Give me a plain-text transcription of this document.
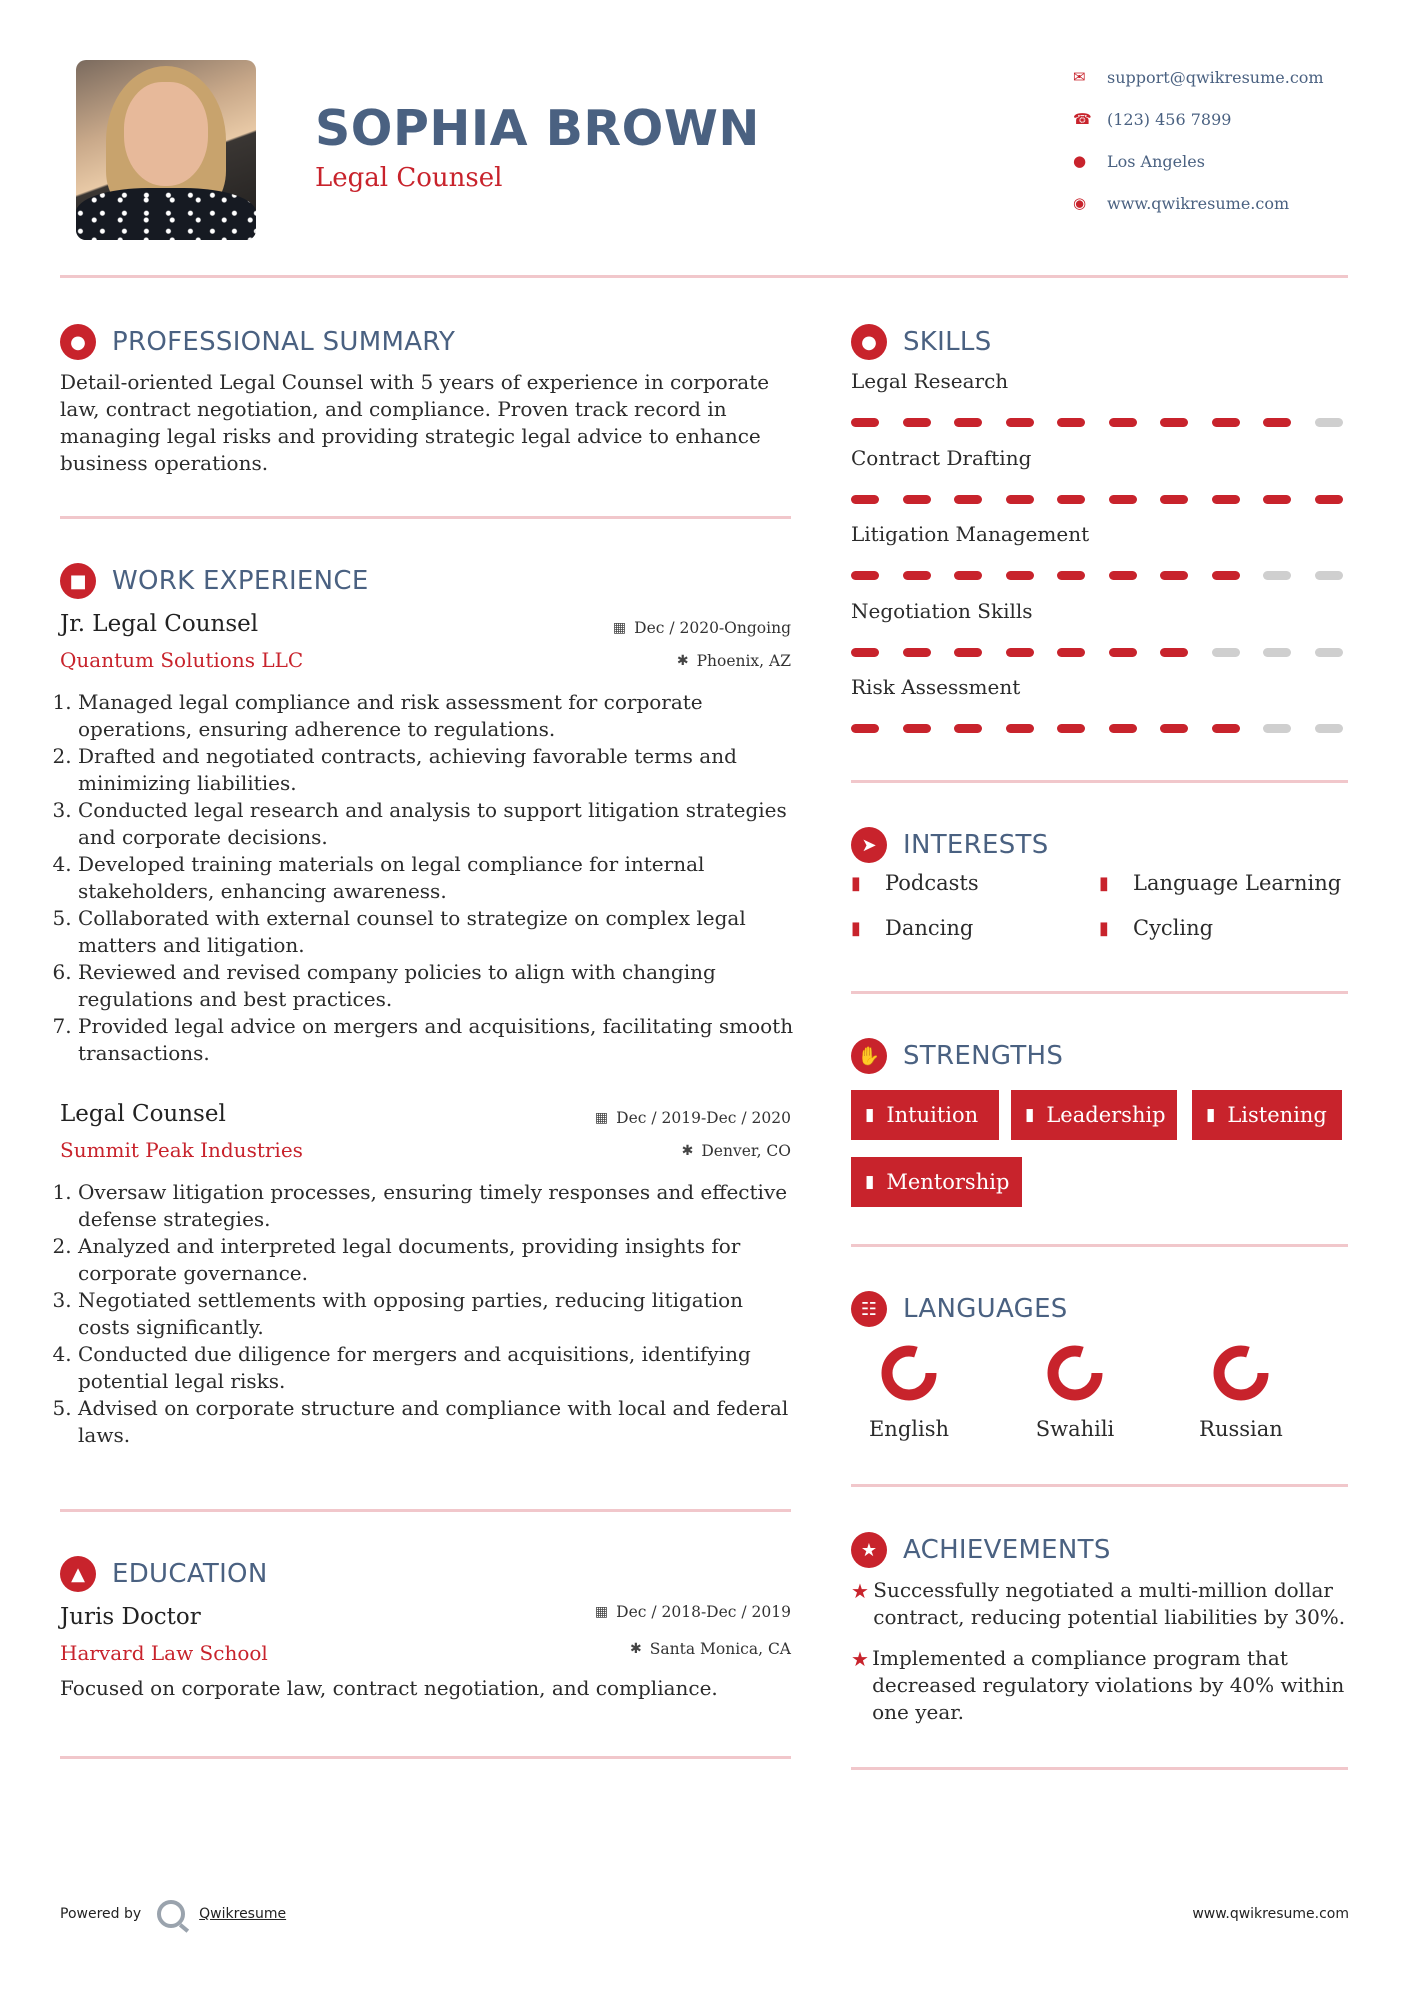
SOPHIA BROWN
Legal Counsel
✉	support@qwikresume.com
☎ (123) 456 7899
●	Los Angeles
◉	www.qwikresume.com
●	PROFESSIONAL SUMMARY
Detail-oriented Legal Counsel with 5 years of experience in corporate law, contract negotiation, and compliance. Proven track record in managing legal risks and providing strategic legal advice to enhance business operations.
■ WORK EXPERIENCE
Jr. Legal Counsel
Quantum Solutions LLC
▦ Dec / 2020-Ongoing
✱ Phoenix, AZ
1. Managed legal compliance and risk assessment for corporate operations, ensuring adherence to regulations.
2. Drafted and negotiated contracts, achieving favorable terms and minimizing liabilities.
3. Conducted legal research and analysis to support litigation strategies and corporate decisions.
4. Developed training materials on legal compliance for internal stakeholders, enhancing awareness.
5. Collaborated with external counsel to strategize on complex legal matters and litigation.
6. Reviewed and revised company policies to align with changing regulations and best practices.
7. Provided legal advice on mergers and acquisitions, facilitating smooth transactions.
Legal Counsel
Summit Peak Industries
▦ Dec / 2019-Dec / 2020
✱ Denver, CO
1. Oversaw litigation processes, ensuring timely responses and effective defense strategies.
2. Analyzed and interpreted legal documents, providing insights for corporate governance.
3. Negotiated settlements with opposing parties, reducing litigation costs significantly.
4. Conducted due diligence for mergers and acquisitions, identifying potential legal risks.
5. Advised on corporate structure and compliance with local and federal laws.
▲	EDUCATION
Juris Doctor
Harvard Law School
▦ Dec / 2018-Dec / 2019
✱ Santa Monica, CA
Focused on corporate law, contract negotiation, and compliance.
●	SKILLS
Legal Research
Contract Drafting
Litigation Management
Negotiation Skills
Risk Assessment
➤	INTERESTS
▮	Podcasts	▮	Language Learning
▮	Dancing	▮	Cycling
✋ STRENGTHS
▮ Intuition	▮ Leadership ▮ Listening
▮ Mentorship
☷ LANGUAGES
English	Swahili	Russian
★ ACHIEVEMENTS
★ Successfully negotiated a multi-million dollar contract, reducing potential liabilities by 30%.
★ Implemented a compliance program that decreased regulatory violations by 40% within one year.
Powered by	Qwikresume	www.qwikresume.com
